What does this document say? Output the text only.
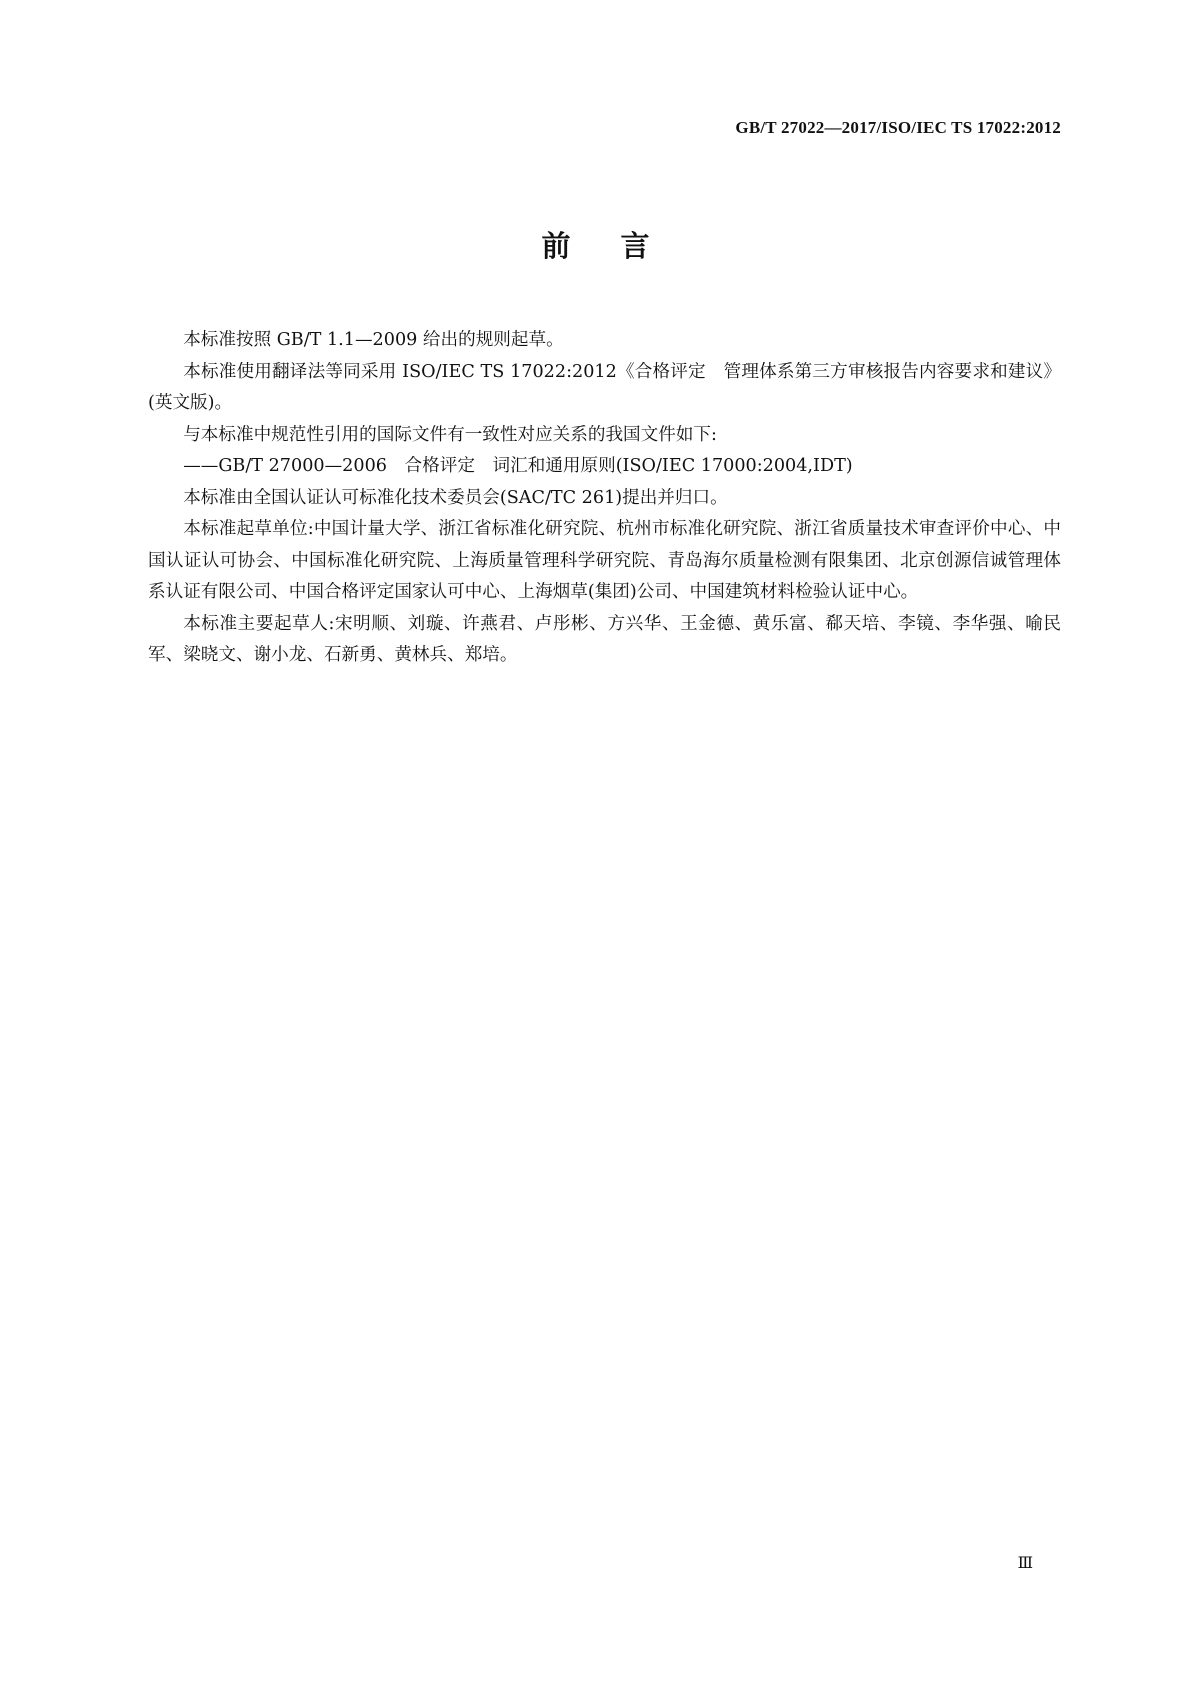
GB/T 27022—2017/ISO/IEC TS 17022:2012
前言

本标准按照 GB/T 1.1—2009 给出的规则起草。

本标准使用翻译法等同采用 ISO/IEC TS 17022:2012《合格评定 管理体系第三方审核报告内容要求和建议》(英文版)。

与本标准中规范性引用的国际文件有一致性对应关系的我国文件如下:

——GB/T 27000—2006 合格评定 词汇和通用原则(ISO/IEC 17000:2004,IDT)

本标准由全国认证认可标准化技术委员会(SAC/TC 261)提出并归口。

本标准起草单位:中国计量大学、浙江省标准化研究院、杭州市标准化研究院、浙江省质量技术审查评价中心、中国认证认可协会、中国标准化研究院、上海质量管理科学研究院、青岛海尔质量检测有限集团、北京创源信诚管理体系认证有限公司、中国合格评定国家认可中心、上海烟草(集团)公司、中国建筑材料检验认证中心。

本标准主要起草人:宋明顺、刘璇、许燕君、卢彤彬、方兴华、王金德、黄乐富、郗天培、李镜、李华强、喻民军、梁晓文、谢小龙、石新勇、黄林兵、郑培。

Ⅲ
